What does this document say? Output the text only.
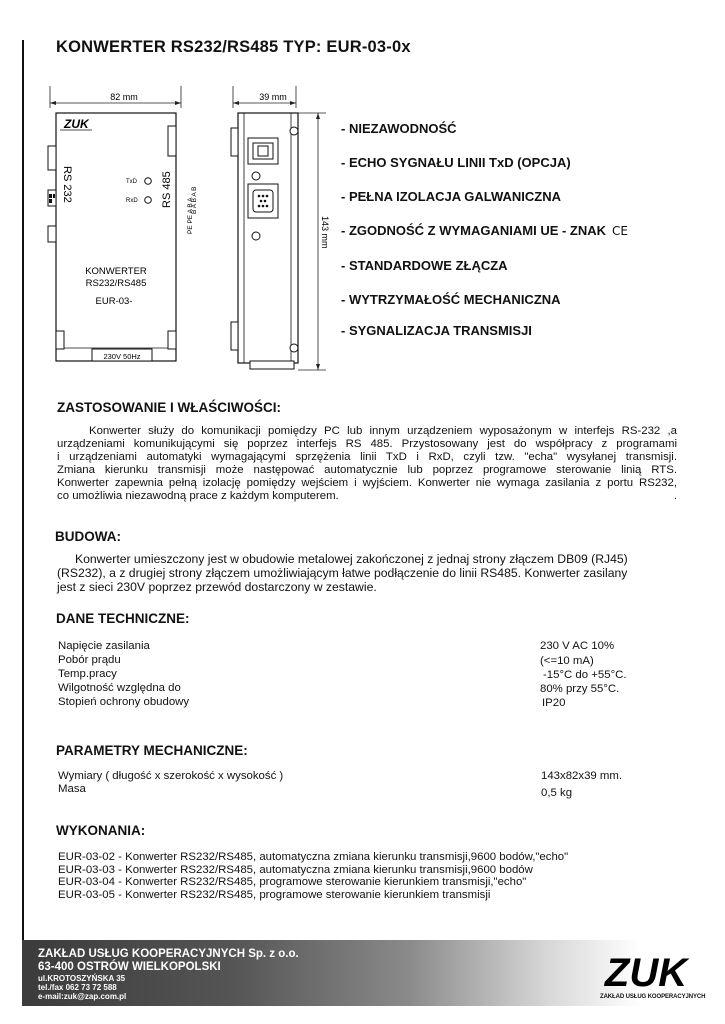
KONWERTER RS232/RS485 TYP: EUR-03-0x
82 mm
230V 50Hz
ZUK
RS 232	TxD
RxD RS 485	B A B A B
PE PE A B A
KONWERTER
RS232/RS485
EUR-03-
39 mm
143 mm
- NIEZAWODNOŚĆ
- ECHO SYGNAŁU LINII TxD (OPCJA)
- PEŁNA IZOLACJA GALWANICZNA
- ZGODNOŚĆ Z WYMAGANIAMI UE - ZNAK CE
- STANDARDOWE ZŁĄCZA
- WYTRZYMAŁOŚĆ MECHANICZNA
- SYGNALIZACJA TRANSMISJI
ZASTOSOWANIE I WŁAŚCIWOŚCI:
Konwerter służy do komunikacji pomiędzy PC lub innym urządzeniem wyposażonym w interfejs RS-232 ,a
urządzeniami komunikującymi się poprzez interfejs RS 485. Przystosowany jest do współpracy z programami
i urządzeniami automatyki wymagającymi sprzężenia linii TxD i RxD, czyli tzw. "echa" wysyłanej transmisji.
Zmiana kierunku transmisji może następować automatycznie lub poprzez programowe sterowanie linią RTS.
Konwerter zapewnia pełną izolację pomiędzy wejściem i wyjściem. Konwerter nie wymaga zasilania z portu RS232,
co umożliwia niezawodną prace z każdym komputerem.	.
BUDOWA:
Konwerter umieszczony jest w obudowie metalowej zakończonej z jednaj strony złączem DB09 (RJ45)
(RS232), a z drugiej strony złączem umożliwiającym łatwe podłączenie do linii RS485. Konwerter zasilany
jest z sieci 230V poprzez przewód dostarczony w zestawie.
DANE TECHNICZNE:
Napięcie zasilania	230 V AC 10%
Pobór prądu	(<=10 mA)
Temp.pracy	-15°C do +55°C.
Wilgotność względna do	80% przy 55°C.
Stopień ochrony obudowy	IP20
PARAMETRY MECHANICZNE:
Wymiary ( długość x szerokość x wysokość )	143x82x39 mm.
Masa	0,5 kg
WYKONANIA:
EUR-03-02 - Konwerter RS232/RS485, automatyczna zmiana kierunku transmisji,9600 bodów,"echo"
EUR-03-03 - Konwerter RS232/RS485, automatyczna zmiana kierunku transmisji,9600 bodów
EUR-03-04 - Konwerter RS232/RS485, programowe sterowanie kierunkiem transmisji,"echo"
EUR-03-05 - Konwerter RS232/RS485, programowe sterowanie kierunkiem transmisji
ZAKŁAD USŁUG KOOPERACYJNYCH Sp. z o.o.
63-400 OSTRÓW WIELKOPOLSKI
ul.KROTOSZYŃSKA 35
tel./fax 062 73 72 588
e-mail:zuk@zap.com.pl
ZUK
ZAKŁAD USŁUG KOOPERACYJNYCH
